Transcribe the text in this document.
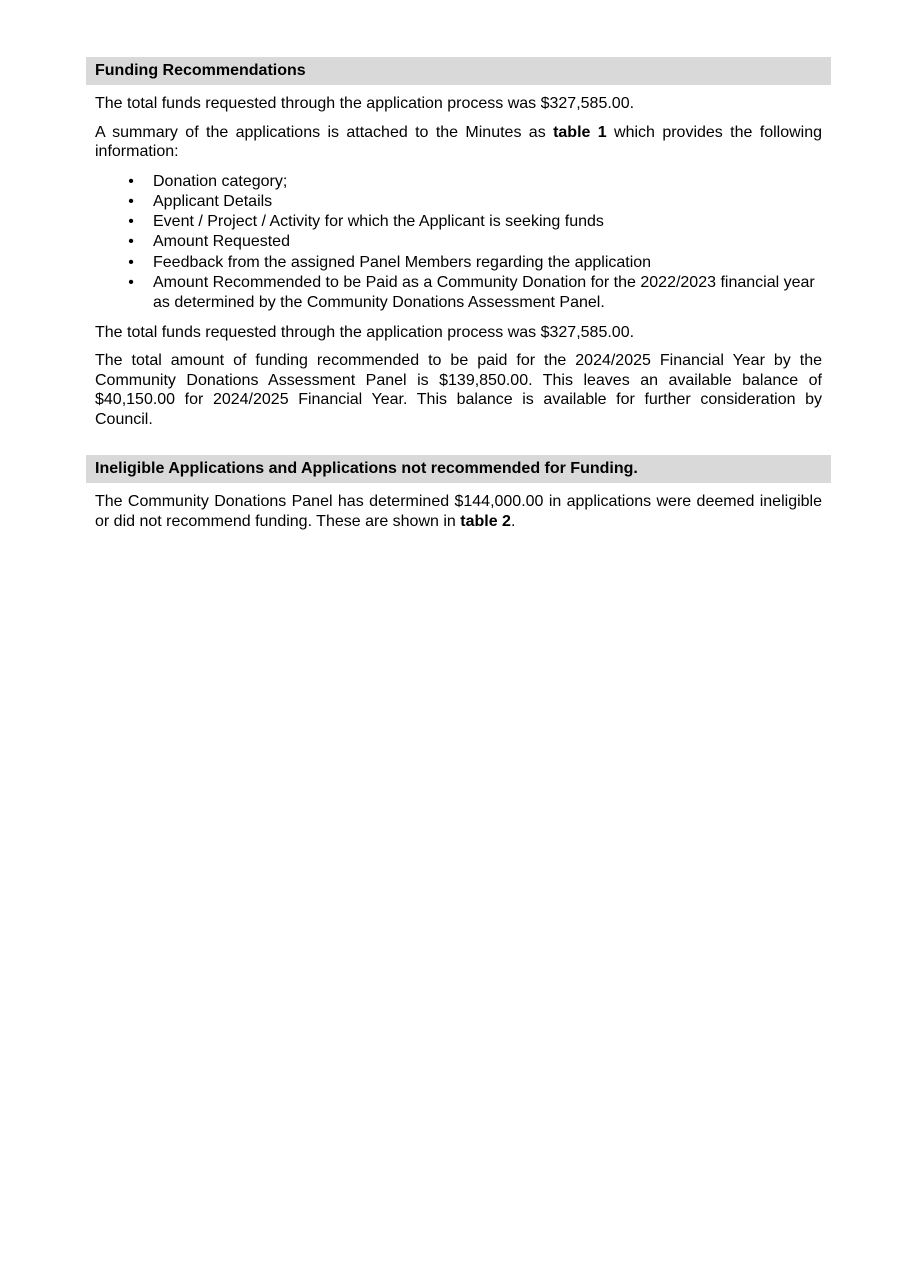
Funding Recommendations

The total funds requested through the application process was $327,585.00.

A summary of the applications is attached to the Minutes as table 1 which provides the following information:

• Donation category;
• Applicant Details
• Event / Project / Activity for which the Applicant is seeking funds
• Amount Requested
• Feedback from the assigned Panel Members regarding the application
• Amount Recommended to be Paid as a Community Donation for the 2022/2023 financial year as determined by the Community Donations Assessment Panel.

The total funds requested through the application process was $327,585.00.

The total amount of funding recommended to be paid for the 2024/2025 Financial Year by the Community Donations Assessment Panel is $139,850.00. This leaves an available balance of $40,150.00 for 2024/2025 Financial Year. This balance is available for further consideration by Council.

Ineligible Applications and Applications not recommended for Funding.

The Community Donations Panel has determined $144,000.00 in applications were deemed ineligible or did not recommend funding. These are shown in table 2.
